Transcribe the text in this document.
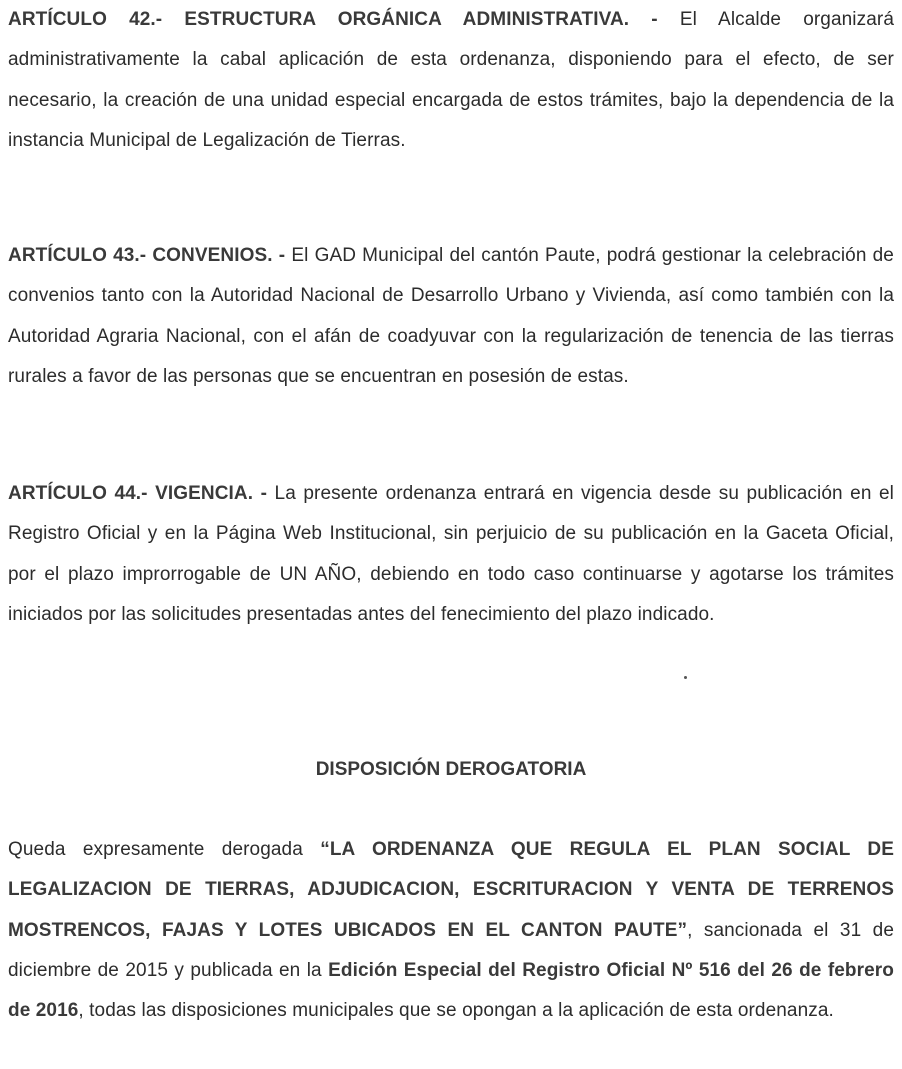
ARTÍCULO 42.- ESTRUCTURA ORGÁNICA ADMINISTRATIVA. - El Alcalde organizará administrativamente la cabal aplicación de esta ordenanza, disponiendo para el efecto, de ser necesario, la creación de una unidad especial encargada de estos trámites, bajo la dependencia de la instancia Municipal de Legalización de Tierras.

ARTÍCULO 43.- CONVENIOS. - El GAD Municipal del cantón Paute, podrá gestionar la celebración de convenios tanto con la Autoridad Nacional de Desarrollo Urbano y Vivienda, así como también con la Autoridad Agraria Nacional, con el afán de coadyuvar con la regularización de tenencia de las tierras rurales a favor de las personas que se encuentran en posesión de estas.

ARTÍCULO 44.- VIGENCIA. - La presente ordenanza entrará en vigencia desde su publicación en el Registro Oficial y en la Página Web Institucional, sin perjuicio de su publicación en la Gaceta Oficial, por el plazo improrrogable de UN AÑO, debiendo en todo caso continuarse y agotarse los trámites iniciados por las solicitudes presentadas antes del fenecimiento del plazo indicado.

DISPOSICIÓN DEROGATORIA

Queda expresamente derogada “LA ORDENANZA QUE REGULA EL PLAN SOCIAL DE LEGALIZACION DE TIERRAS, ADJUDICACION, ESCRITURACION Y VENTA DE TERRENOS MOSTRENCOS, FAJAS Y LOTES UBICADOS EN EL CANTON PAUTE”, sancionada el 31 de diciembre de 2015 y publicada en la Edición Especial del Registro Oficial Nº 516 del 26 de febrero de 2016, todas las disposiciones municipales que se opongan a la aplicación de esta ordenanza.
